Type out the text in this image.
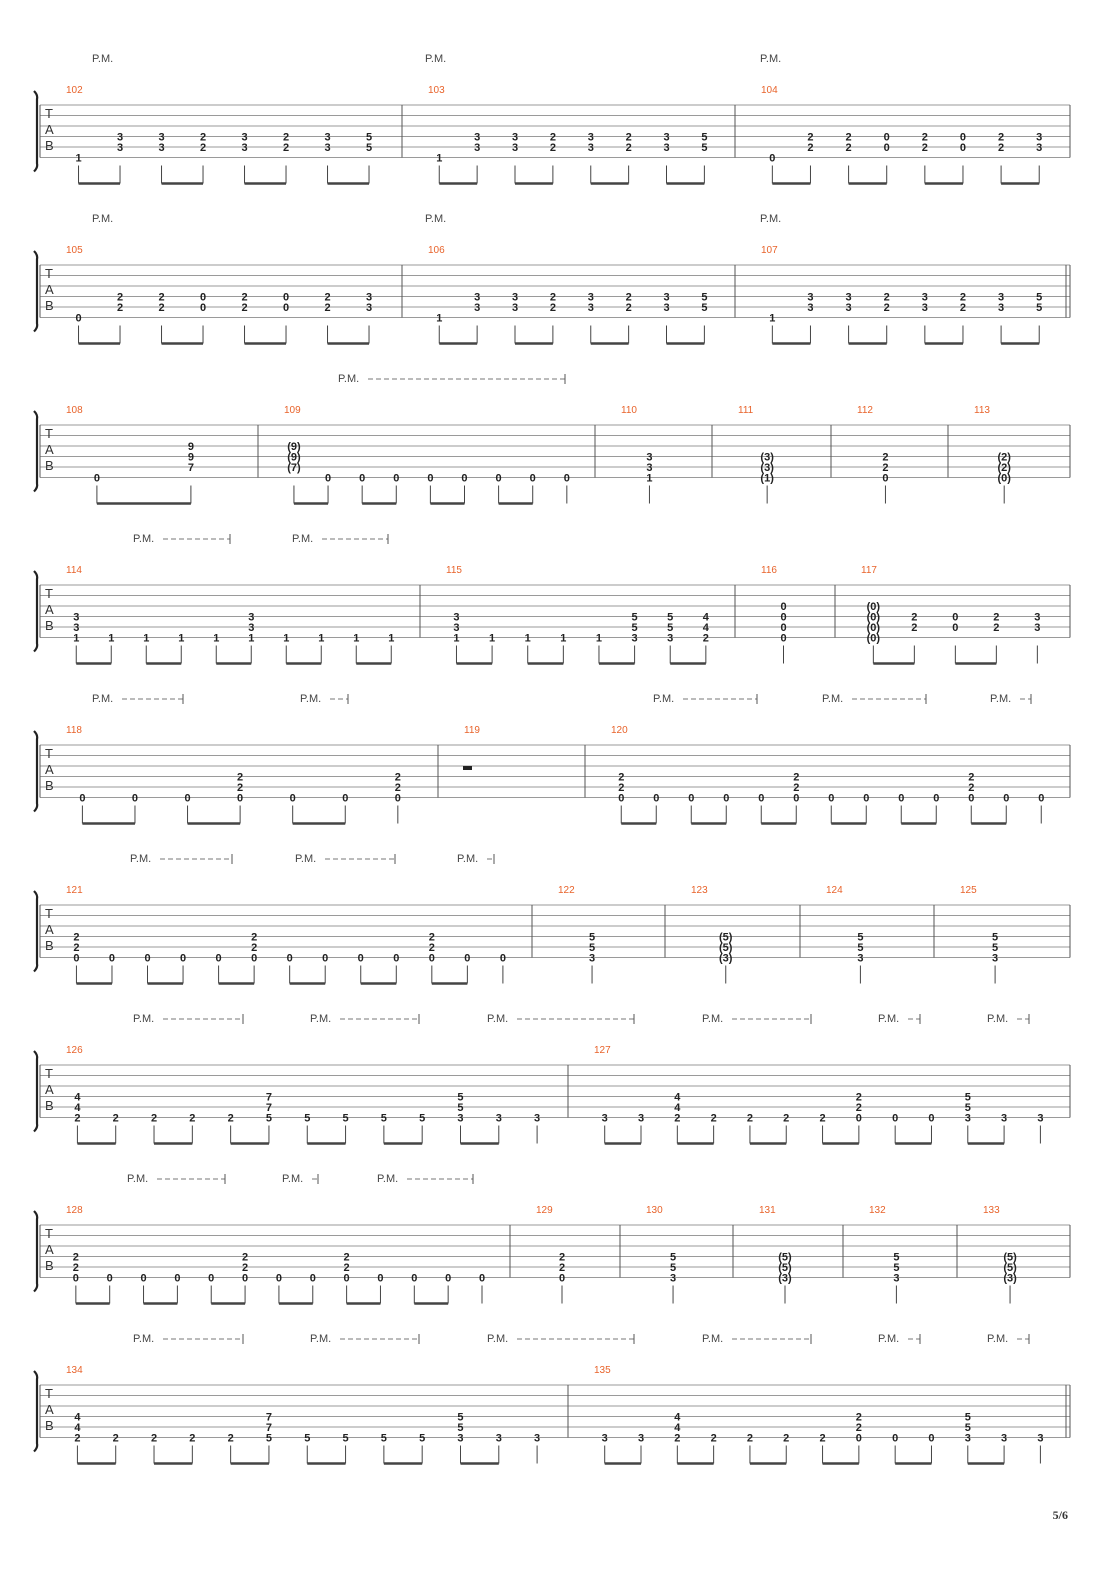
T
A
B
P.M.	P.M.	P.M.
102
1
3
3
3
3
2
2
3
3
2
2
3
3
5
5
103
1
3
3
3
3
2
2
3
3
2
2
3
3
5
5
104
0
2
2
2
2
0
0
2
2
0
0
2
2
3
3
T
A
B
P.M.	P.M.	P.M.
105
0
2
2
2
2
0
0
2
2
0
0
2
2
3
3
106
1
3
3
3
3
2
2
3
3
2
2
3
3
5
5
107
1
3
3
3
3
2
2
3
3
2
2
3
3
5
5
T
A
B
P.M.
108
0
9
9
7
109
(9)
(9)
(7)
0	0	0	0	0	0	0	0
110
3
3
1
111
(3)
(3)
(1)
112
2
2
0
113
(2)
(2)
(0)
T
A
B
P.M.	P.M.
114
3
3
1	1	1	1	1
3
3
1	1	1	1	1
115
3
3
1	1	1	1	1
5
5
3
5
5
3
4
4
2
116
0
0
0
0
117
(0)
(0)
(0)
(0)
2
2
0
0
2
2
3
3
T
A
B
P.M.	P.M.	P.M.	P.M.	P.M.
118
0	0	0
2
2
0	0	0
2
2
0
119	120
2
2
0	0	0	0	0
2
2
0	0	0	0	0
2
2
0	0	0
T
A
B
P.M.	P.M.	P.M.
121
2
2
0	0	0	0	0
2
2
0	0	0	0	0
2
2
0	0	0
122
5
5
3
123
(5)
(5)
(3)
124
5
5
3
125
5
5
3
T
A
B
P.M.	P.M.	P.M.	P.M.	P.M.	P.M.
126
4
4
2	2	2	2	2
7
7
5	5	5	5	5
5
5
3	3	3
127
3	3
4
4
2	2	2	2	2
2
2
0	0	0
5
5
3	3	3
T
A
B
P.M.	P.M.	P.M.
128
2
2
0	0	0	0	0
2
2
0	0	0
2
2
0	0	0	0	0
129
2
2
0
130
5
5
3
131
(5)
(5)
(3)
132
5
5
3
133
(5)
(5)
(3)
T
A
B
P.M.	P.M.	P.M.	P.M.	P.M.	P.M.
134
4
4
2	2	2	2	2
7
7
5	5	5	5	5
5
5
3	3	3
135
3	3
4
4
2	2	2	2	2
2
2
0	0	0
5
5
3	3	3
5/6
